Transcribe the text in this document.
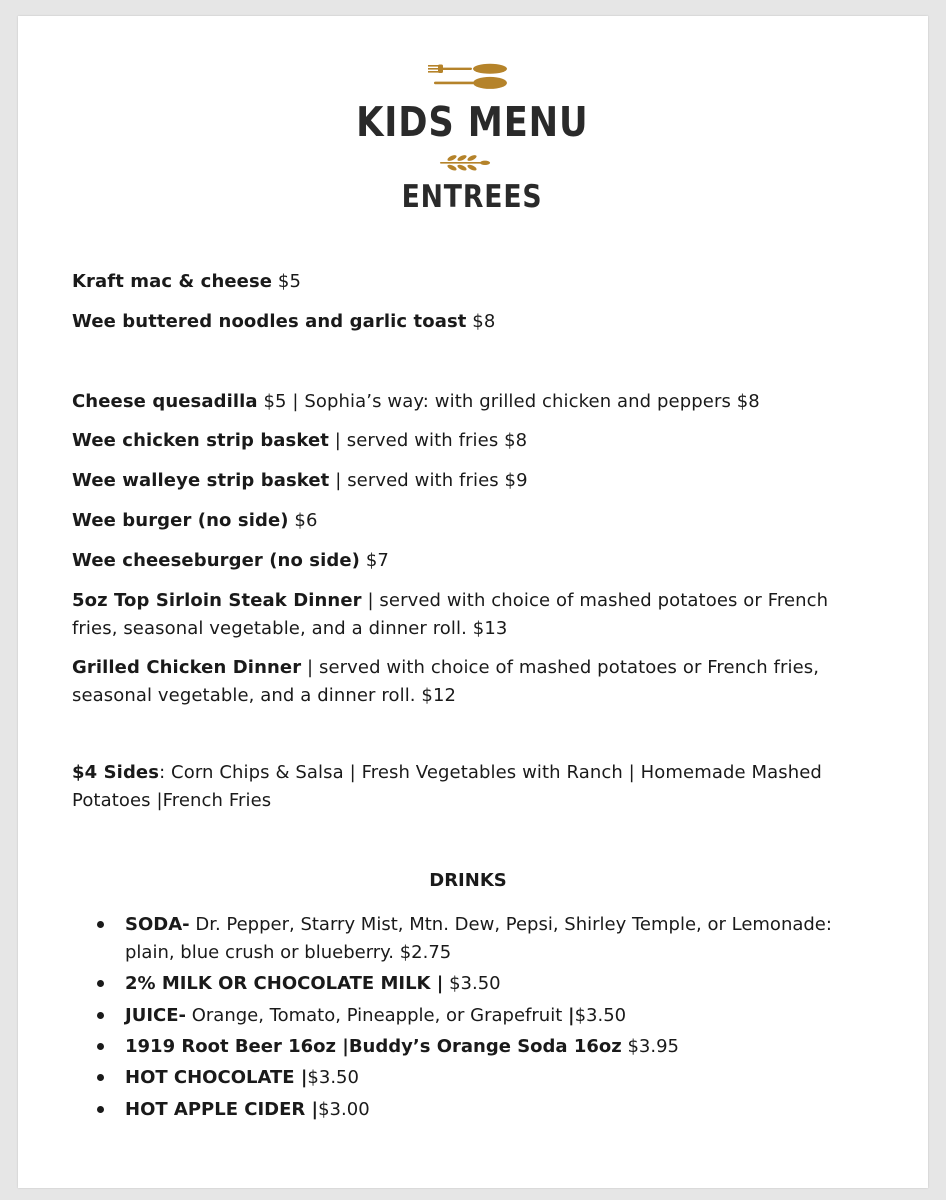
KIDS MENU
ENTREES
Kraft mac & cheese $5
Wee buttered noodles and garlic toast $8
Cheese quesadilla $5 | Sophia’s way: with grilled chicken and peppers $8
Wee chicken strip basket | served with fries $8
Wee walleye strip basket | served with fries $9
Wee burger (no side) $6
Wee cheeseburger (no side) $7
5oz Top Sirloin Steak Dinner | served with choice of mashed potatoes or French
fries, seasonal vegetable, and a dinner roll. $13
Grilled Chicken Dinner | served with choice of mashed potatoes or French fries,
seasonal vegetable, and a dinner roll. $12
$4 Sides: Corn Chips & Salsa | Fresh Vegetables with Ranch | Homemade Mashed
Potatoes |French Fries
DRINKS
SODA- Dr. Pepper, Starry Mist, Mtn. Dew, Pepsi, Shirley Temple, or Lemonade:
plain, blue crush or blueberry. $2.75
2% MILK OR CHOCOLATE MILK | $3.50
JUICE- Orange, Tomato, Pineapple, or Grapefruit |$3.50
1919 Root Beer 16oz |Buddy’s Orange Soda 16oz $3.95
HOT CHOCOLATE |$3.50
HOT APPLE CIDER |$3.00
